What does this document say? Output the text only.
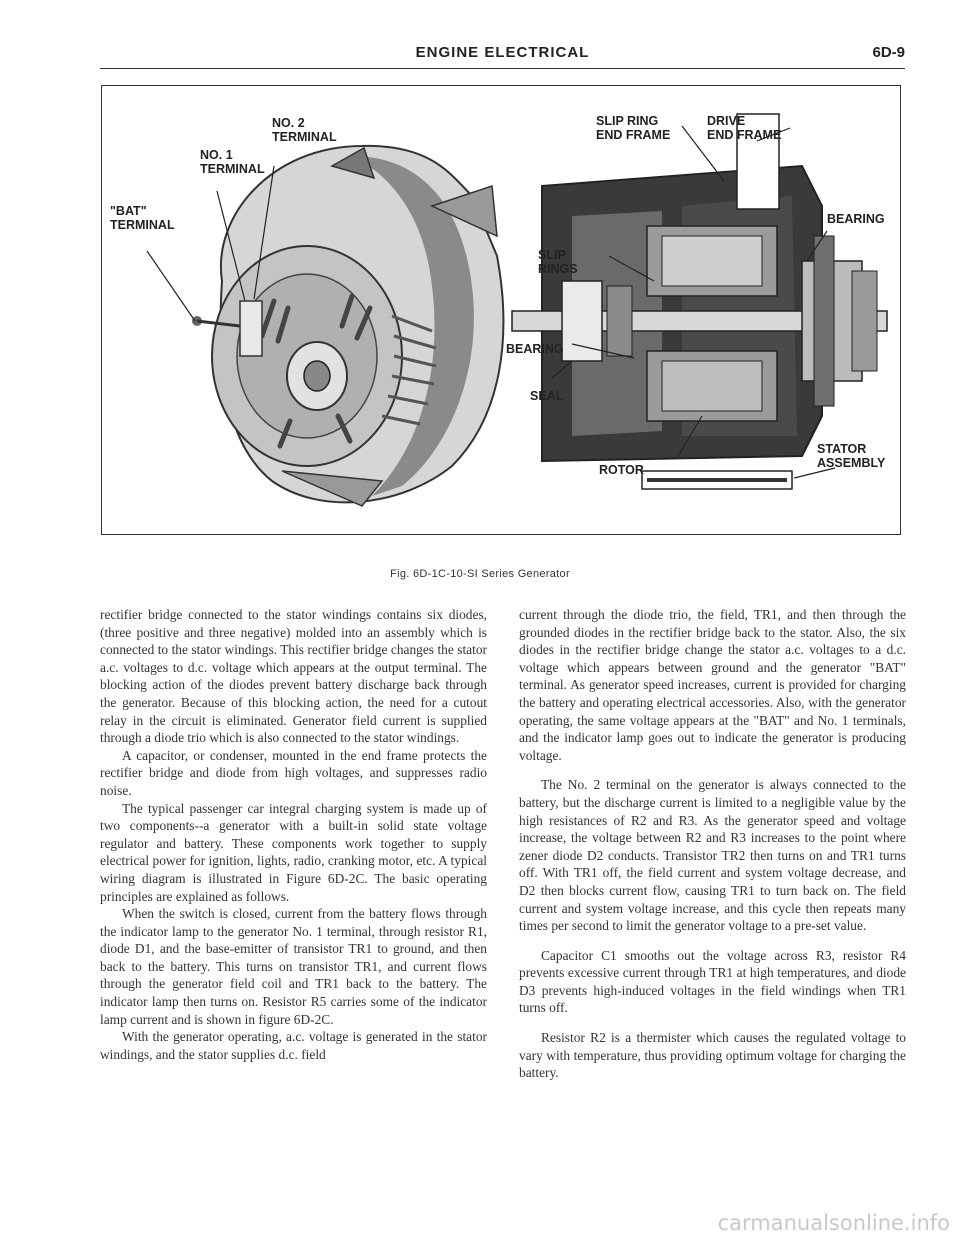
ENGINE ELECTRICAL	6D-9
NO. 2
TERMINAL
NO. 1
TERMINAL
"BAT"
TERMINAL
SLIP RING
END FRAME
DRIVE
END FRAME
BEARING
SLIP
RINGS
BEARING
SEAL
ROTOR
STATOR
ASSEMBLY
Fig. 6D-1C-10-SI Series Generator

rectifier bridge connected to the stator windings contains six diodes, (three positive and three negative) molded into an assembly which is connected to the stator windings. This rectifier bridge changes the stator a.c. voltages to d.c. voltage which appears at the output terminal. The blocking action of the diodes prevent battery discharge back through the generator. Because of this blocking action, the need for a cutout relay in the circuit is eliminated. Generator field current is supplied through a diode trio which is also connected to the stator windings.

A capacitor, or condenser, mounted in the end frame protects the rectifier bridge and diode from high voltages, and suppresses radio noise.

The typical passenger car integral charging system is made up of two components--a generator with a built-in solid state voltage regulator and battery. These components work together to supply electrical power for ignition, lights, radio, cranking motor, etc. A typical wiring diagram is illustrated in Figure 6D-2C. The basic operating principles are explained as follows.

When the switch is closed, current from the battery flows through the indicator lamp to the generator No. 1 terminal, through resistor R1, diode D1, and the base-emitter of transistor TR1 to ground, and then back to the battery. This turns on transistor TR1, and current flows through the generator field coil and TR1 back to the battery. The indicator lamp then turns on. Resistor R5 carries some of the indicator lamp current and is shown in figure 6D-2C.

With the generator operating, a.c. voltage is generated in the stator windings, and the stator supplies d.c. field

current through the diode trio, the field, TR1, and then through the grounded diodes in the rectifier bridge back to the stator. Also, the six diodes in the rectifier bridge change the stator a.c. voltages to a d.c. voltage which appears between ground and the generator "BAT" terminal. As generator speed increases, current is provided for charging the battery and operating electrical accessories. Also, with the generator operating, the same voltage appears at the "BAT" and No. 1 terminals, and the indicator lamp goes out to indicate the generator is producing voltage.

The No. 2 terminal on the generator is always connected to the battery, but the discharge current is limited to a negligible value by the high resistances of R2 and R3. As the generator speed and voltage increase, the voltage between R2 and R3 increases to the point where zener diode D2 conducts. Transistor TR2 then turns on and TR1 turns off. With TR1 off, the field current and system voltage decrease, and D2 then blocks current flow, causing TR1 to turn back on. The field current and system voltage increase, and this cycle then repeats many times per second to limit the generator voltage to a pre-set value.

Capacitor C1 smooths out the voltage across R3, resistor R4 prevents excessive current through TR1 at high temperatures, and diode D3 prevents high-induced voltages in the field windings when TR1 turns off.

Resistor R2 is a thermister which causes the regulated voltage to vary with temperature, thus providing optimum voltage for charging the battery.

carmanualsonline.info
